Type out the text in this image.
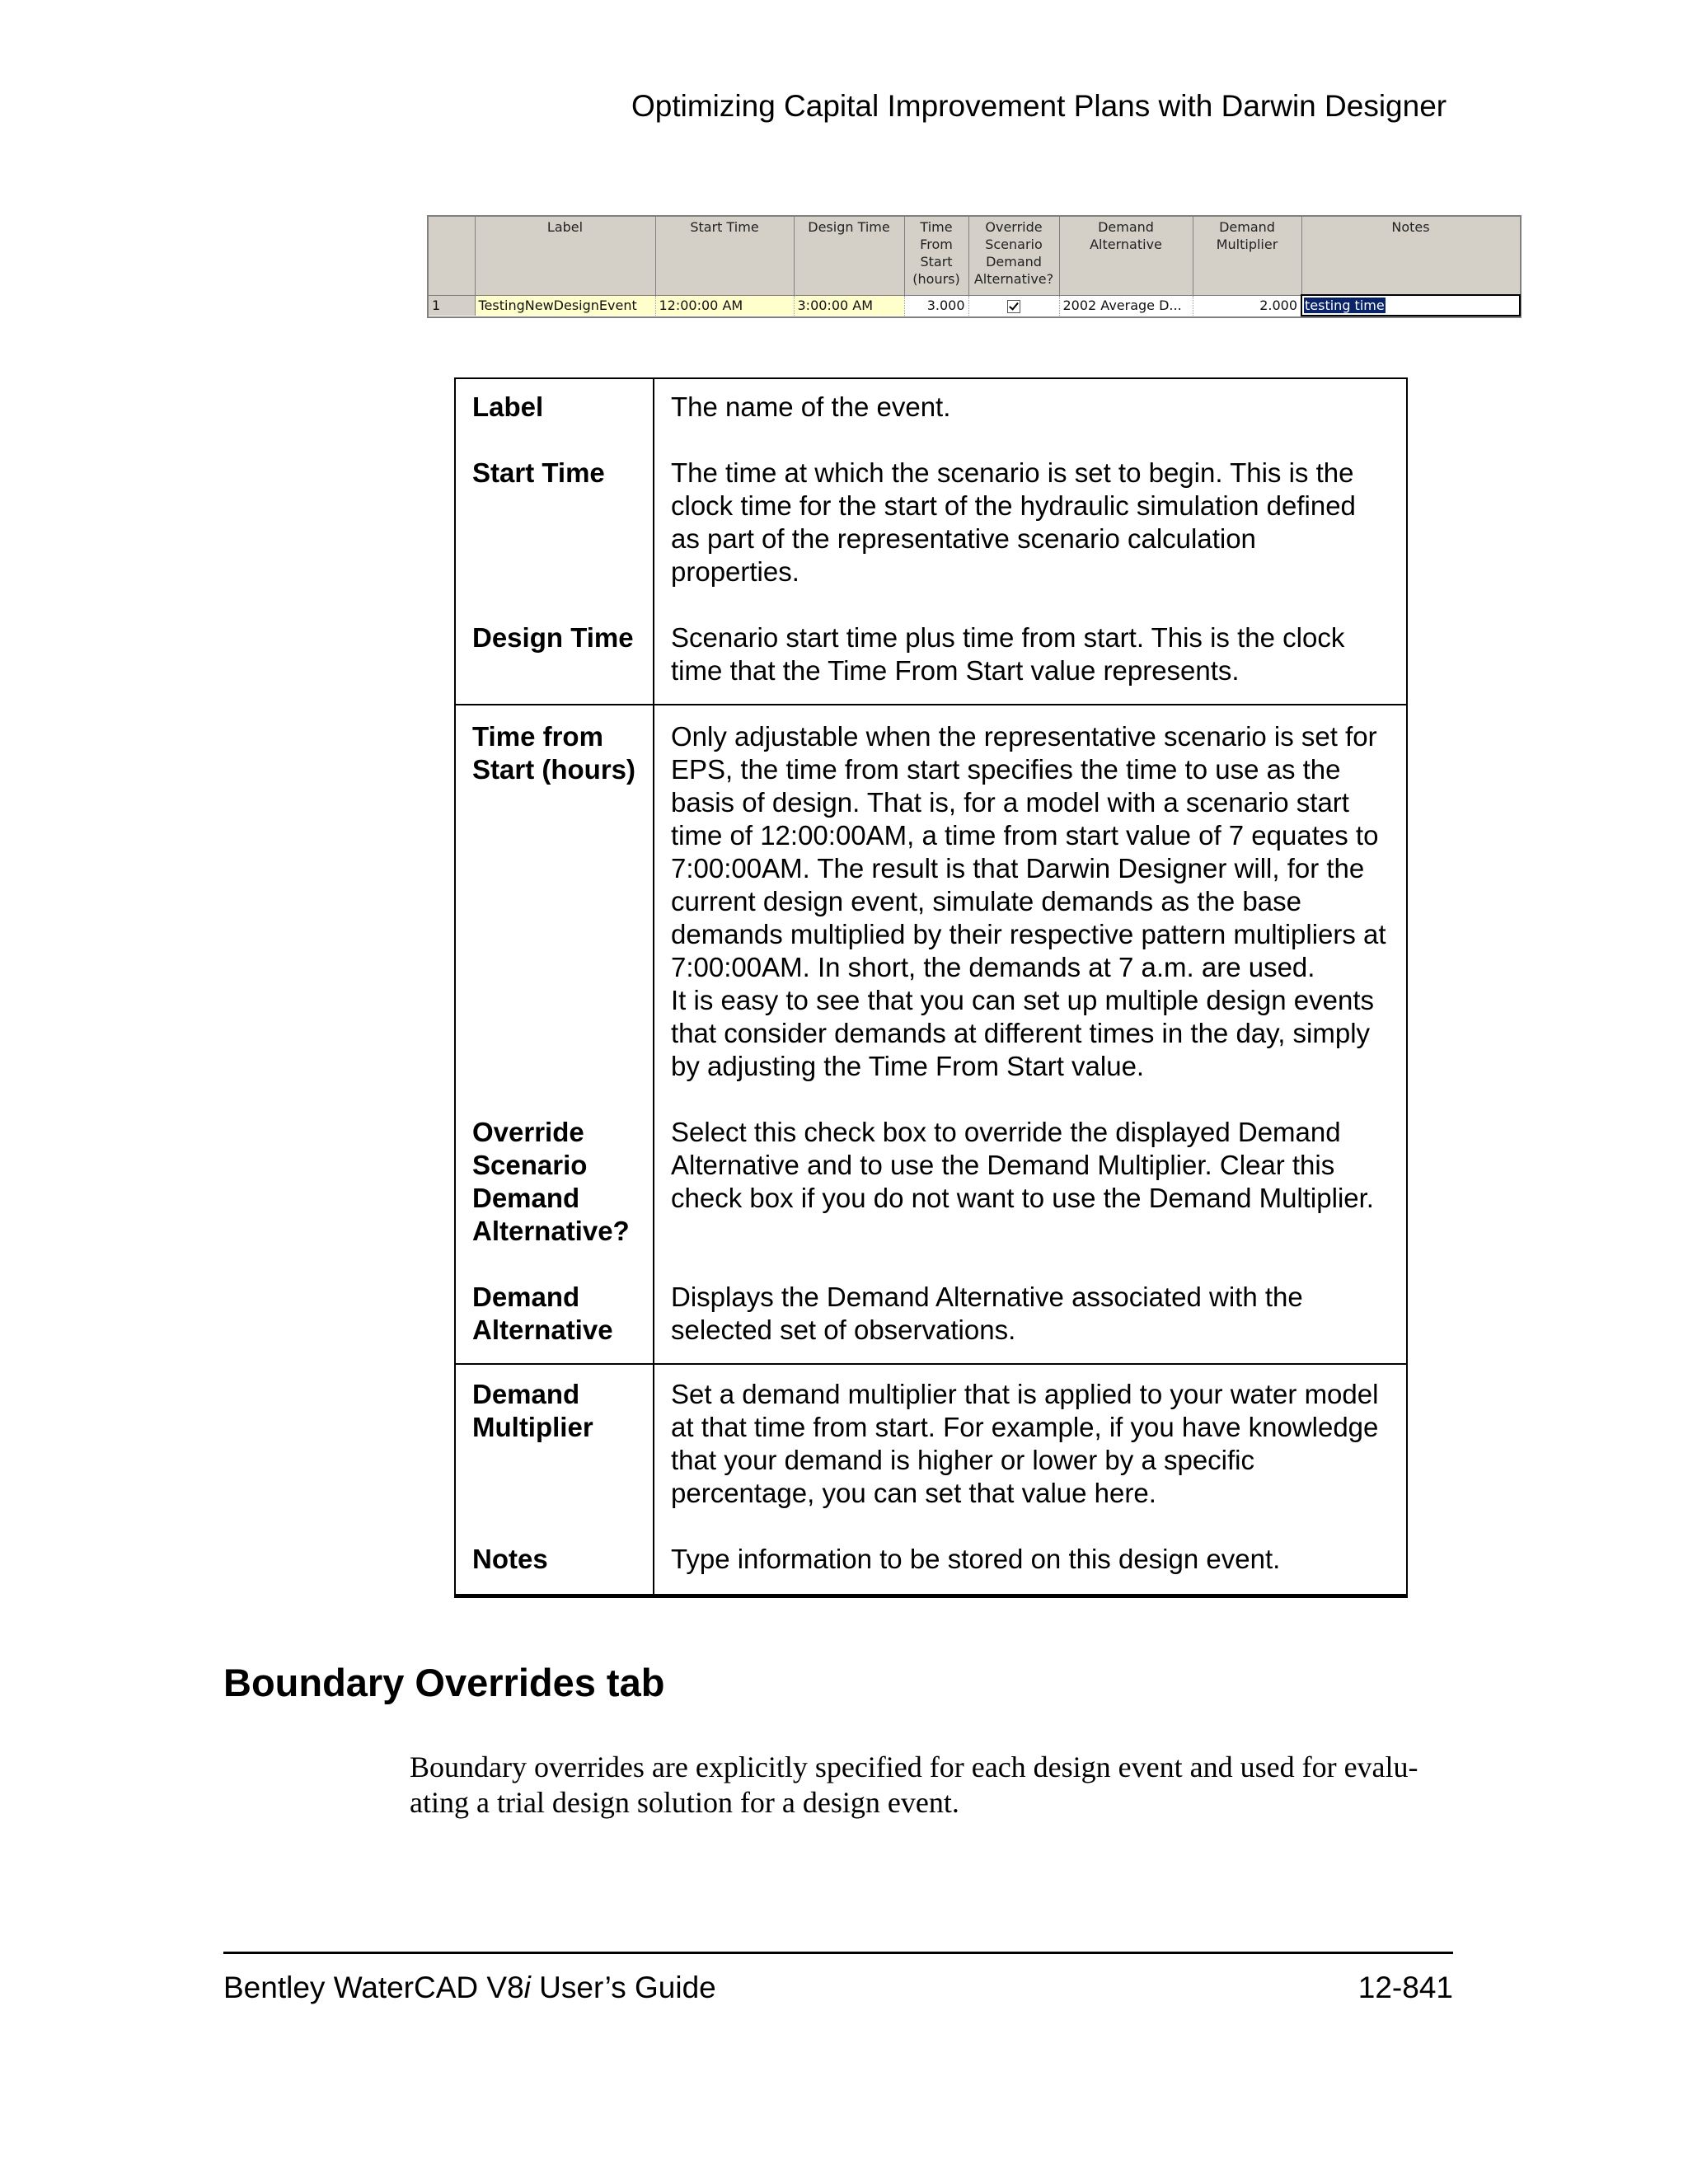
Optimizing Capital Improvement Plans with Darwin Designer
	Label	Start Time	Design Time	Time From Start (hours)	Override Scenario Demand Alternative?	Demand Alternative	Demand Multiplier	Notes
1	TestingNewDesignEvent	12:00:00 AM	3:00:00 AM	3.000		2002 Average D...	2.000	testing time
Label	The name of the event.
Start Time	The time at which the scenario is set to begin. This is the clock time for the start of the hydraulic simulation defined as part of the representative scenario calculation properties.
Design Time	Scenario start time plus time from start. This is the clock time that the Time From Start value represents.
Time from Start (hours)	Only adjustable when the representative scenario is set for EPS, the time from start specifies the time to use as the basis of design. That is, for a model with a scenario start time of 12:00:00AM, a time from start value of 7 equates to 7:00:00AM. The result is that Darwin Designer will, for the current design event, simulate demands as the base demands multiplied by their respective pattern multipliers at 7:00:00AM. In short, the demands at 7 a.m. are used.
It is easy to see that you can set up multiple design events that consider demands at different times in the day, simply by adjusting the Time From Start value.

Override Scenario Demand Alternative?	Select this check box to override the displayed Demand Alternative and to use the Demand Multiplier. Clear this check box if you do not want to use the Demand Multiplier.
Demand Alternative	Displays the Demand Alternative associated with the selected set of observations.
Demand Multiplier	Set a demand multiplier that is applied to your water model at that time from start. For example, if you have knowledge that your demand is higher or lower by a specific percentage, you can set that value here.
Notes	Type information to be stored on this design event.
Boundary Overrides tab

Boundary overrides are explicitly specified for each design event and used for evalu-ating a trial design solution for a design event.

Bentley WaterCAD V8i User’s Guide	12-841
